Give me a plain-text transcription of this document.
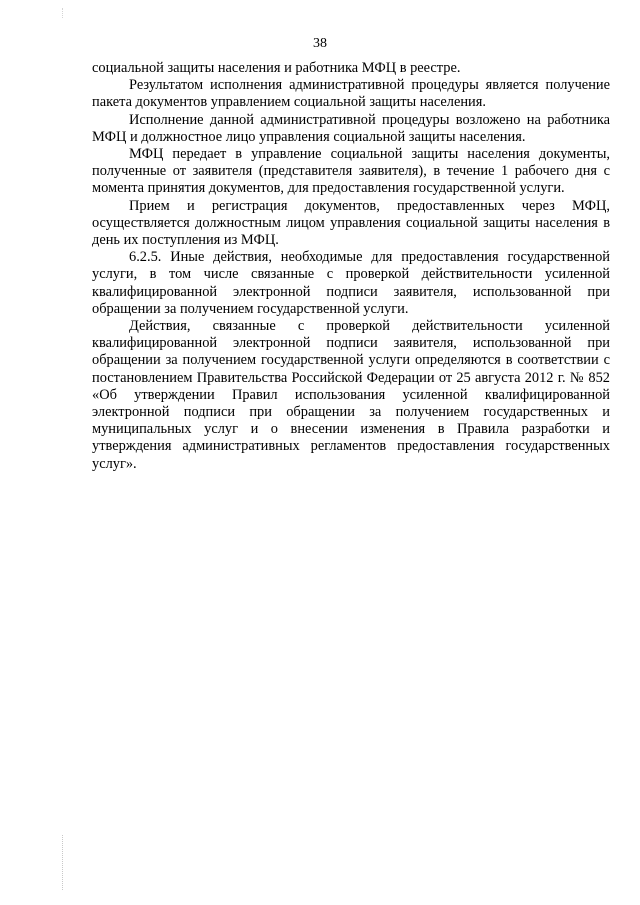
38

социальной защиты населения и работника МФЦ в реестре.

Результатом исполнения административной процедуры является получение пакета документов управлением социальной защиты населения.

Исполнение данной административной процедуры возложено на работника МФЦ и должностное лицо управления социальной защиты населения.

МФЦ передает в управление социальной защиты населения документы, полученные от заявителя (представителя заявителя), в течение 1 рабочего дня с момента принятия документов, для предоставления государственной услуги.

Прием и регистрация документов, предоставленных через МФЦ, осуществляется должностным лицом управления социальной защиты населения в день их поступления из МФЦ.

6.2.5. Иные действия, необходимые для предоставления государственной услуги, в том числе связанные с проверкой действительности усиленной квалифицированной электронной подписи заявителя, использованной при обращении за получением государственной услуги.

Действия, связанные с проверкой действительности усиленной квалифицированной электронной подписи заявителя, использованной при обращении за получением государственной услуги определяются в соответствии с постановлением Правительства Российской Федерации от 25 августа 2012 г. № 852 «Об утверждении Правил использования усиленной квалифицированной электронной подписи при обращении за получением государственных и муниципальных услуг и о внесении изменения в Правила разработки и утверждения административных регламентов предоставления государственных услуг».
